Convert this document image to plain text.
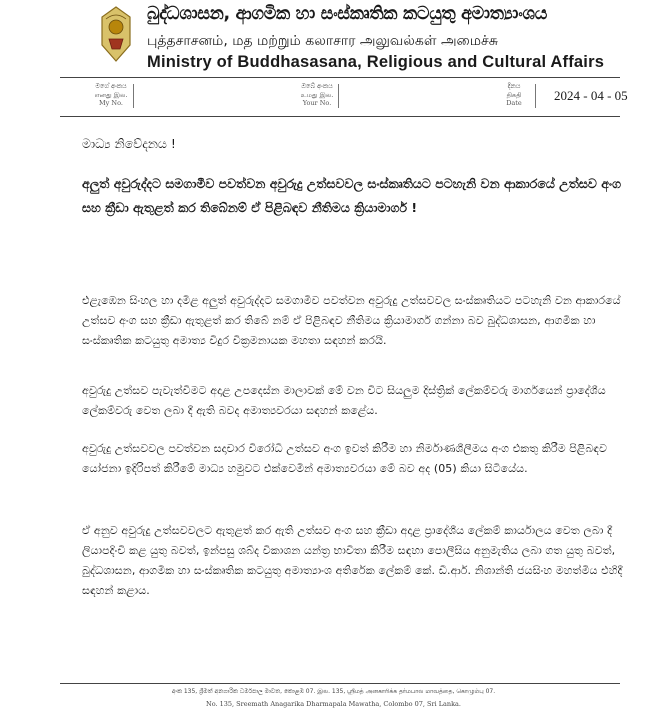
බුද්ධශාසන, ආගමික හා සංස්කෘතික කටයුතු අමාත්‍යාංශය
புத்தசாசனம், மத மற்றும் கலாசார அலுவல்கள் அமைச்சு
Ministry of Buddhasasana, Religious and Cultural Affairs
මගේ අංකය
எனது இல.
My No.
ඔබේ අංකය
உமது இல.
Your No.
දිනය
திகதி
Date	2024 - 04 - 05
මාධ්‍ය නිවේදනය !
අලුත් අවුරුද්දට සමගාමීව පවත්වන අවුරුදු උත්සවවල සංස්කෘතියට පටහැනි වන ආකාරයේ උත්සව අංග සහ ක්‍රීඩා ඇතුළත් කර තිබේනම් ඒ පිළිබඳව නීතිමය ක්‍රියාමාර්ග !
එළැඹෙන සිංහල හා දමිළ අලුත් අවුරුද්දට සමගාමීව පවත්වන අවුරුදු උත්සවවල සංස්කෘතියට පටහැනි වන ආකාරයේ උත්සව අංග සහ ක්‍රීඩා ඇතුළත් කර තිබේ නම් ඒ පිළිබඳව නීතිමය ක්‍රියාමාර්ග ගන්නා බව බුද්ධශාසන, ආගමික හා සංස්කෘතික කටයුතු අමාත්‍ය විදුර වික්‍රමනායක මහතා සඳහන් කරයි.
අවුරුදු උත්සව පැවැත්වීමට අදාළ උපදෙස්න මාලාවක් මේ වන විට සියලුම දිස්ත්‍රික් ලේකම්වරු මාර්ගයෙන් ප්‍රාදේශීය ලේකම්වරු වෙත ලබා දී ඇති බවද අමාත්‍යවරයා සඳහන් කළේය.
අවුරුදු උත්සවවල පවත්වන සදාචාර විරෝධී උත්සව අංග ඉවත් කිරීම හා නිර්මාණශීලීමය අංග එකතු කිරීම පිළිබඳව යෝජනා ඉදිරිපත් කිරීමේ මාධ්‍ය හමුවට එක්වෙමින් අමාත්‍යවරයා මේ බව අද (05) කියා සිටියේය.
ඒ අනුව අවුරුදු උත්සවවලට ඇතුළත් කර ඇති උත්සව අංග සහ ක්‍රීඩා අදාළ ප්‍රාදේශීය ලේකම් කාර්යාලය වෙත ලබා දී ලියාපදිංචි කළ යුතු බවත්, ඉන්පසු ශබ්ද විකාශන යන්ත්‍ර භාවිතා කිරීම සඳහා පොලීසිය අනුමැතිය ලබා ගත යුතු බවත්, බුද්ධශාසන, ආගමික හා සංස්කෘතික කටයුතු අමාත්‍යාංශ අතිරේක ලේකම් කේ. ඩී.ආර්. නිශාන්ති ජයසිංහ මහත්මිය එහිදී සඳහන් කළාය.
අංක 135, ශ්‍රීමත් අනගාරික ධර්මපාල මාවත, කොළඹ 07. இல. 135, ஸ்ரீமத் அனகாரிக்க தர்மபால மாவத்தை, கொழும்பு 07.
No. 135, Sreemath Anagarika Dharmapala Mawatha, Colombo 07, Sri Lanka.
